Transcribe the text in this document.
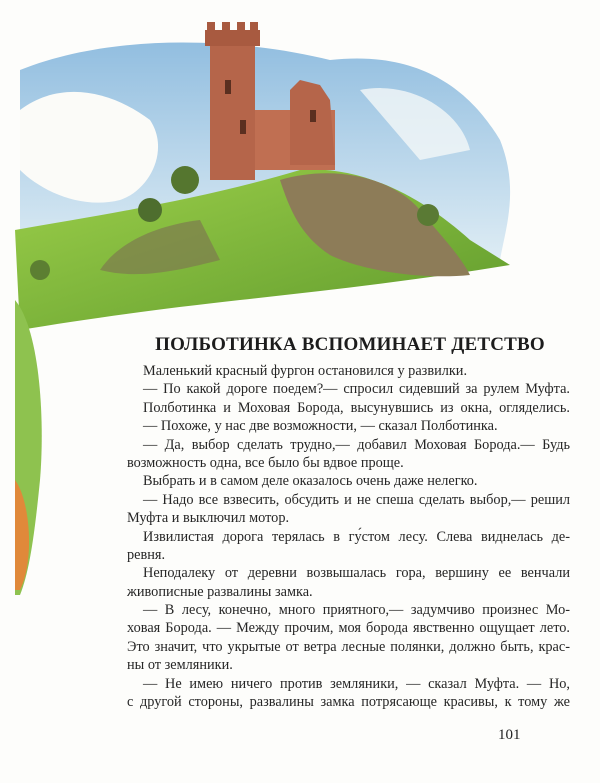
ПОЛБОТИНКА ВСПОМИНАЕТ ДЕТСТВО
Маленький красный фургон остановился у развилки.
— По какой дороге поедем?— спросил сидевший за рулем Муфта.
Полботинка и Моховая Борода, высунувшись из окна, огляделись.
— Похоже, у нас две возможности, — сказал Полботинка.
— Да, выбор сделать трудно,— добавил Моховая Борода.— Будь
возможность одна, все было бы вдвое проще.
Выбрать и в самом деле оказалось очень даже нелегко.
— Надо все взвесить, обсудить и не спеша сделать выбор,— решил
Муфта и выключил мотор.
Извилистая дорога терялась в гу́стом лесу. Слева виднелась де-
ревня.
Неподалеку от деревни возвышалась гора, вершину ее венчали
живописные развалины замка.
— В лесу, конечно, много приятного,— задумчиво произнес Мо-
ховая Борода. — Между прочим, моя борода явственно ощущает лето.
Это значит, что укрытые от ветра лесные полянки, должно быть, крас-
ны от земляники.
— Не имею ничего против земляники, — сказал Муфта. — Но,
с другой стороны, развалины замка потрясающе красивы, к тому же
101
